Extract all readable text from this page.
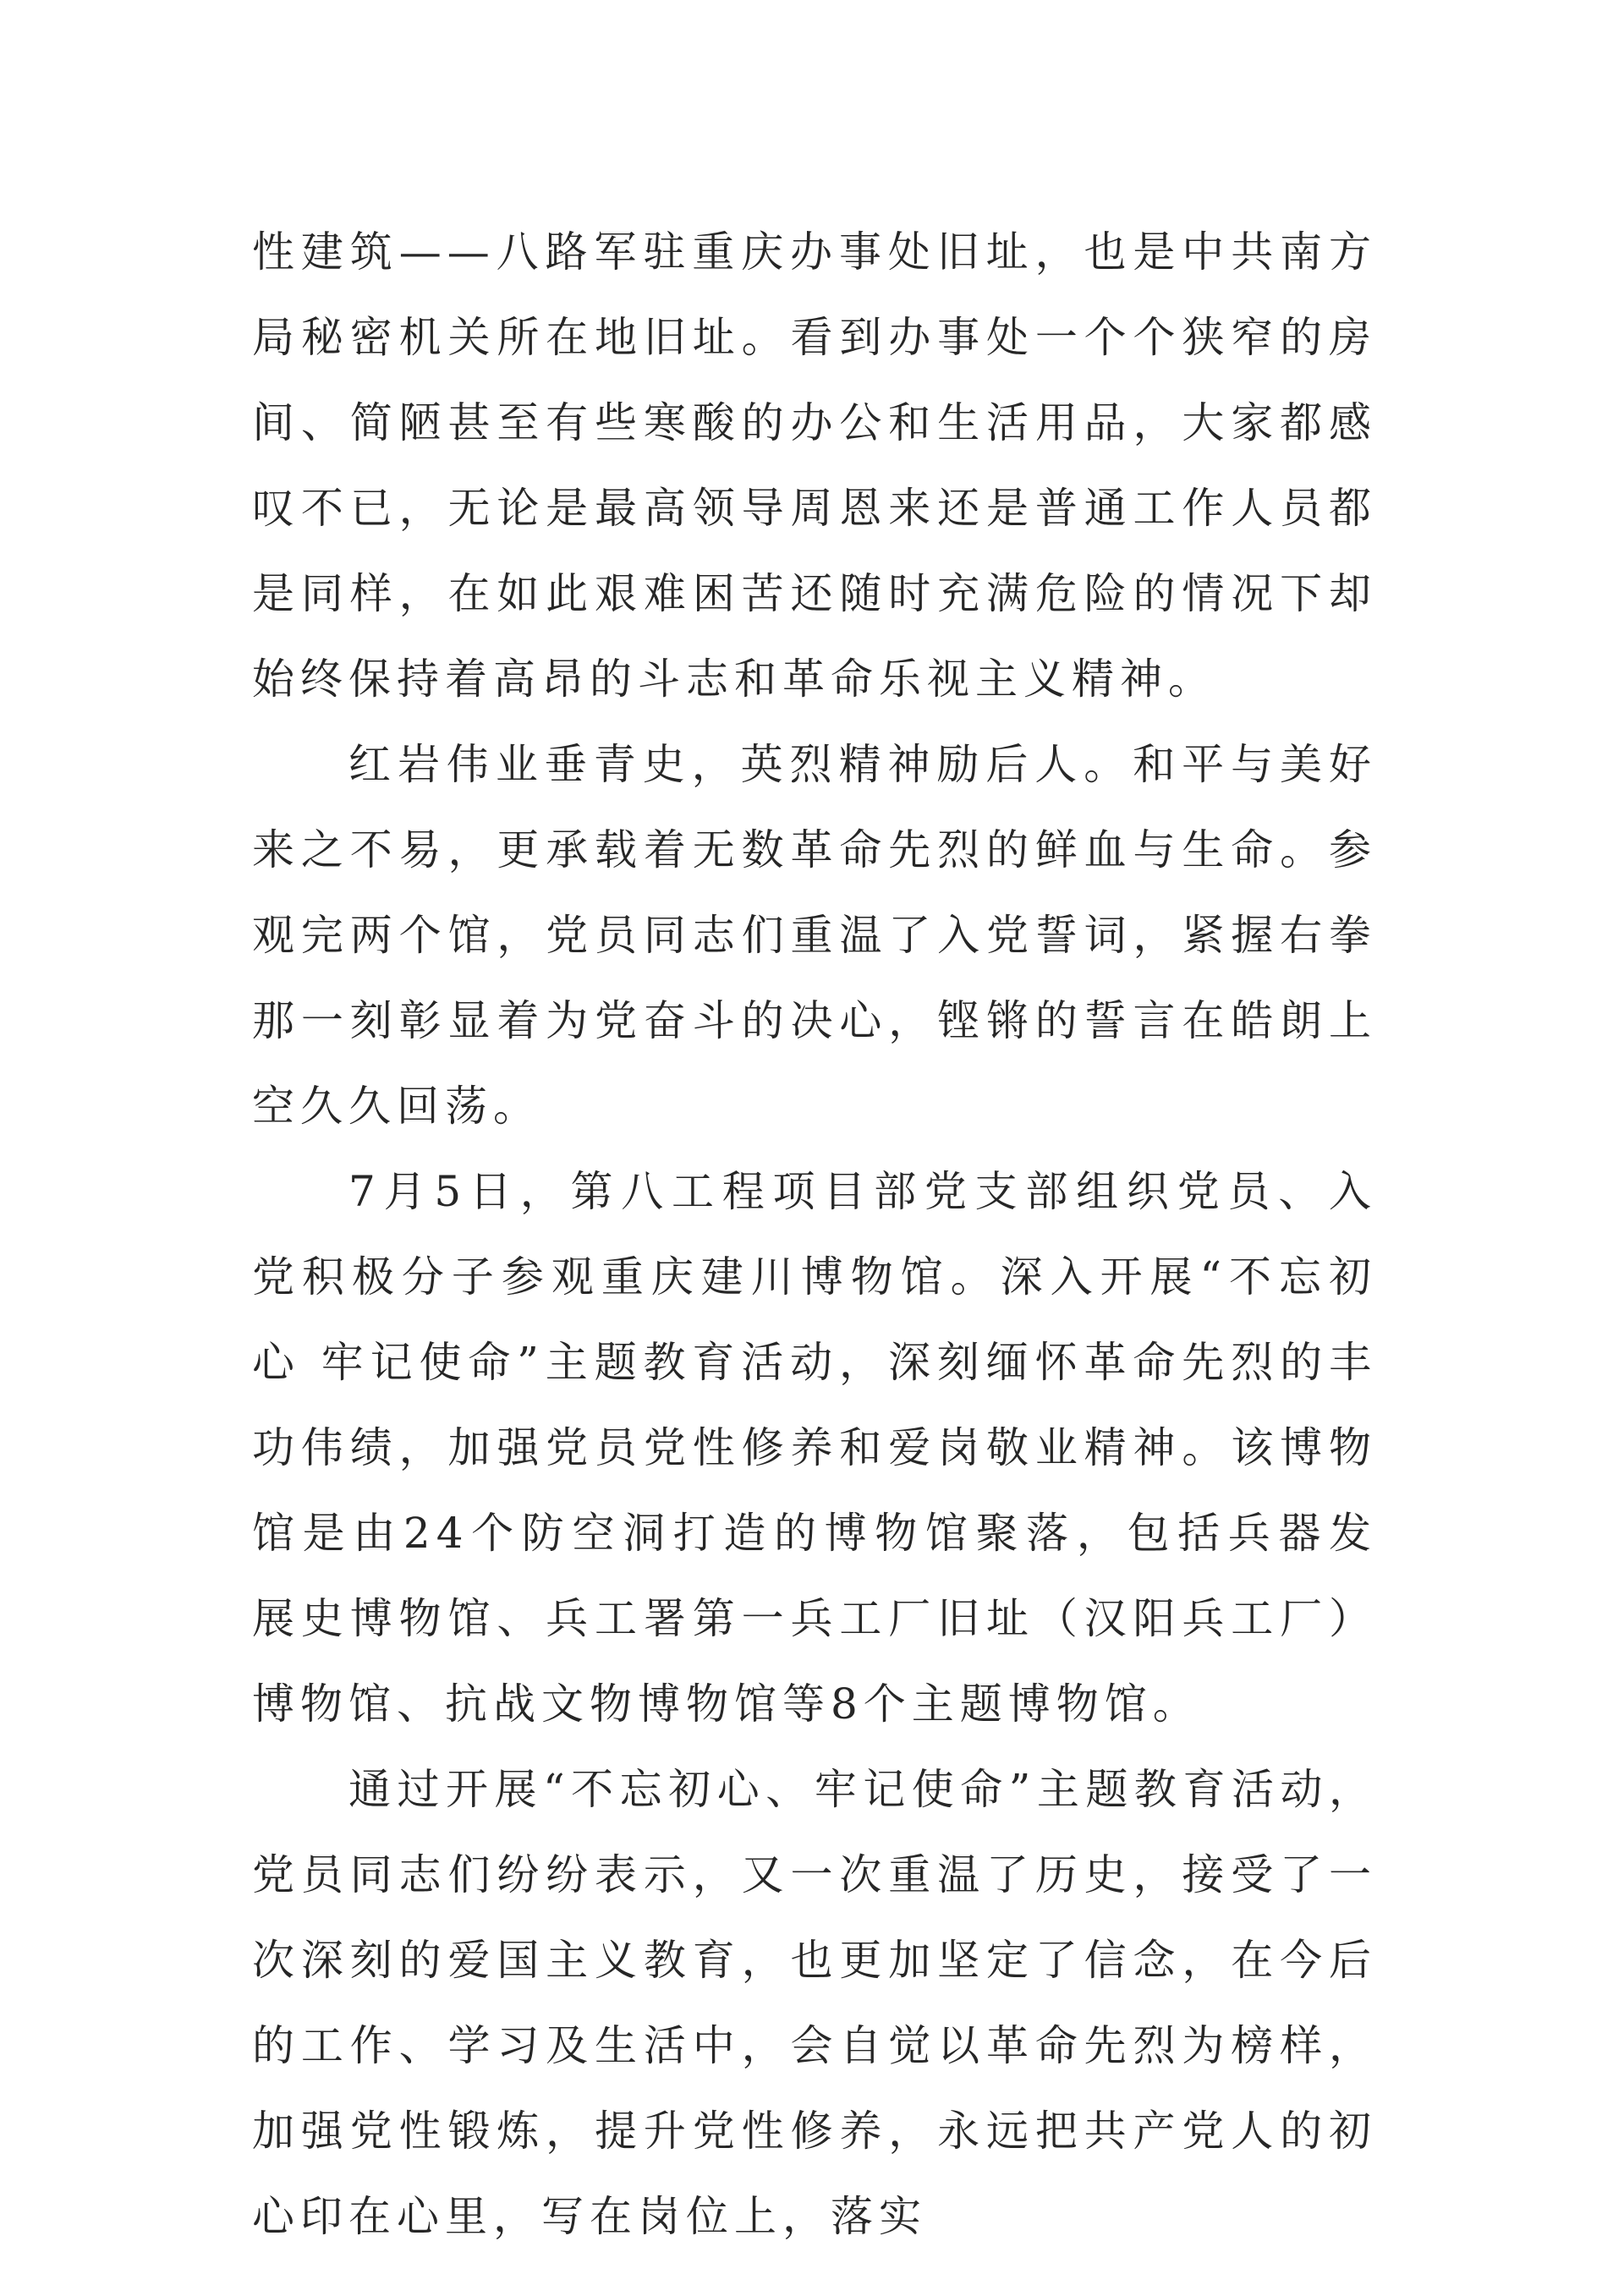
性建筑——八路军驻重庆办事处旧址，也是中共南方局秘密机关所在地旧址。看到办事处一个个狭窄的房间、简陋甚至有些寒酸的办公和生活用品，大家都感叹不已，无论是最高领导周恩来还是普通工作人员都是同样，在如此艰难困苦还随时充满危险的情况下却始终保持着高昂的斗志和革命乐视主义精神。

红岩伟业垂青史，英烈精神励后人。和平与美好来之不易，更承载着无数革命先烈的鲜血与生命。参观完两个馆，党员同志们重温了入党誓词，紧握右拳那一刻彰显着为党奋斗的决心，铿锵的誓言在皓朗上空久久回荡。

7月5日，第八工程项目部党支部组织党员、入党积极分子参观重庆建川博物馆。深入开展“不忘初心 牢记使命”主题教育活动，深刻缅怀革命先烈的丰功伟绩，加强党员党性修养和爱岗敬业精神。该博物馆是由24个防空洞打造的博物馆聚落，包括兵器发展史博物馆、兵工署第一兵工厂旧址（汉阳兵工厂）博物馆、抗战文物博物馆等8个主题博物馆。

通过开展“不忘初心、牢记使命”主题教育活动，党员同志们纷纷表示，又一次重温了历史，接受了一次深刻的爱国主义教育，也更加坚定了信念，在今后的工作、学习及生活中，会自觉以革命先烈为榜样，加强党性锻炼，提升党性修养，永远把共产党人的初心印在心里，写在岗位上，落实
